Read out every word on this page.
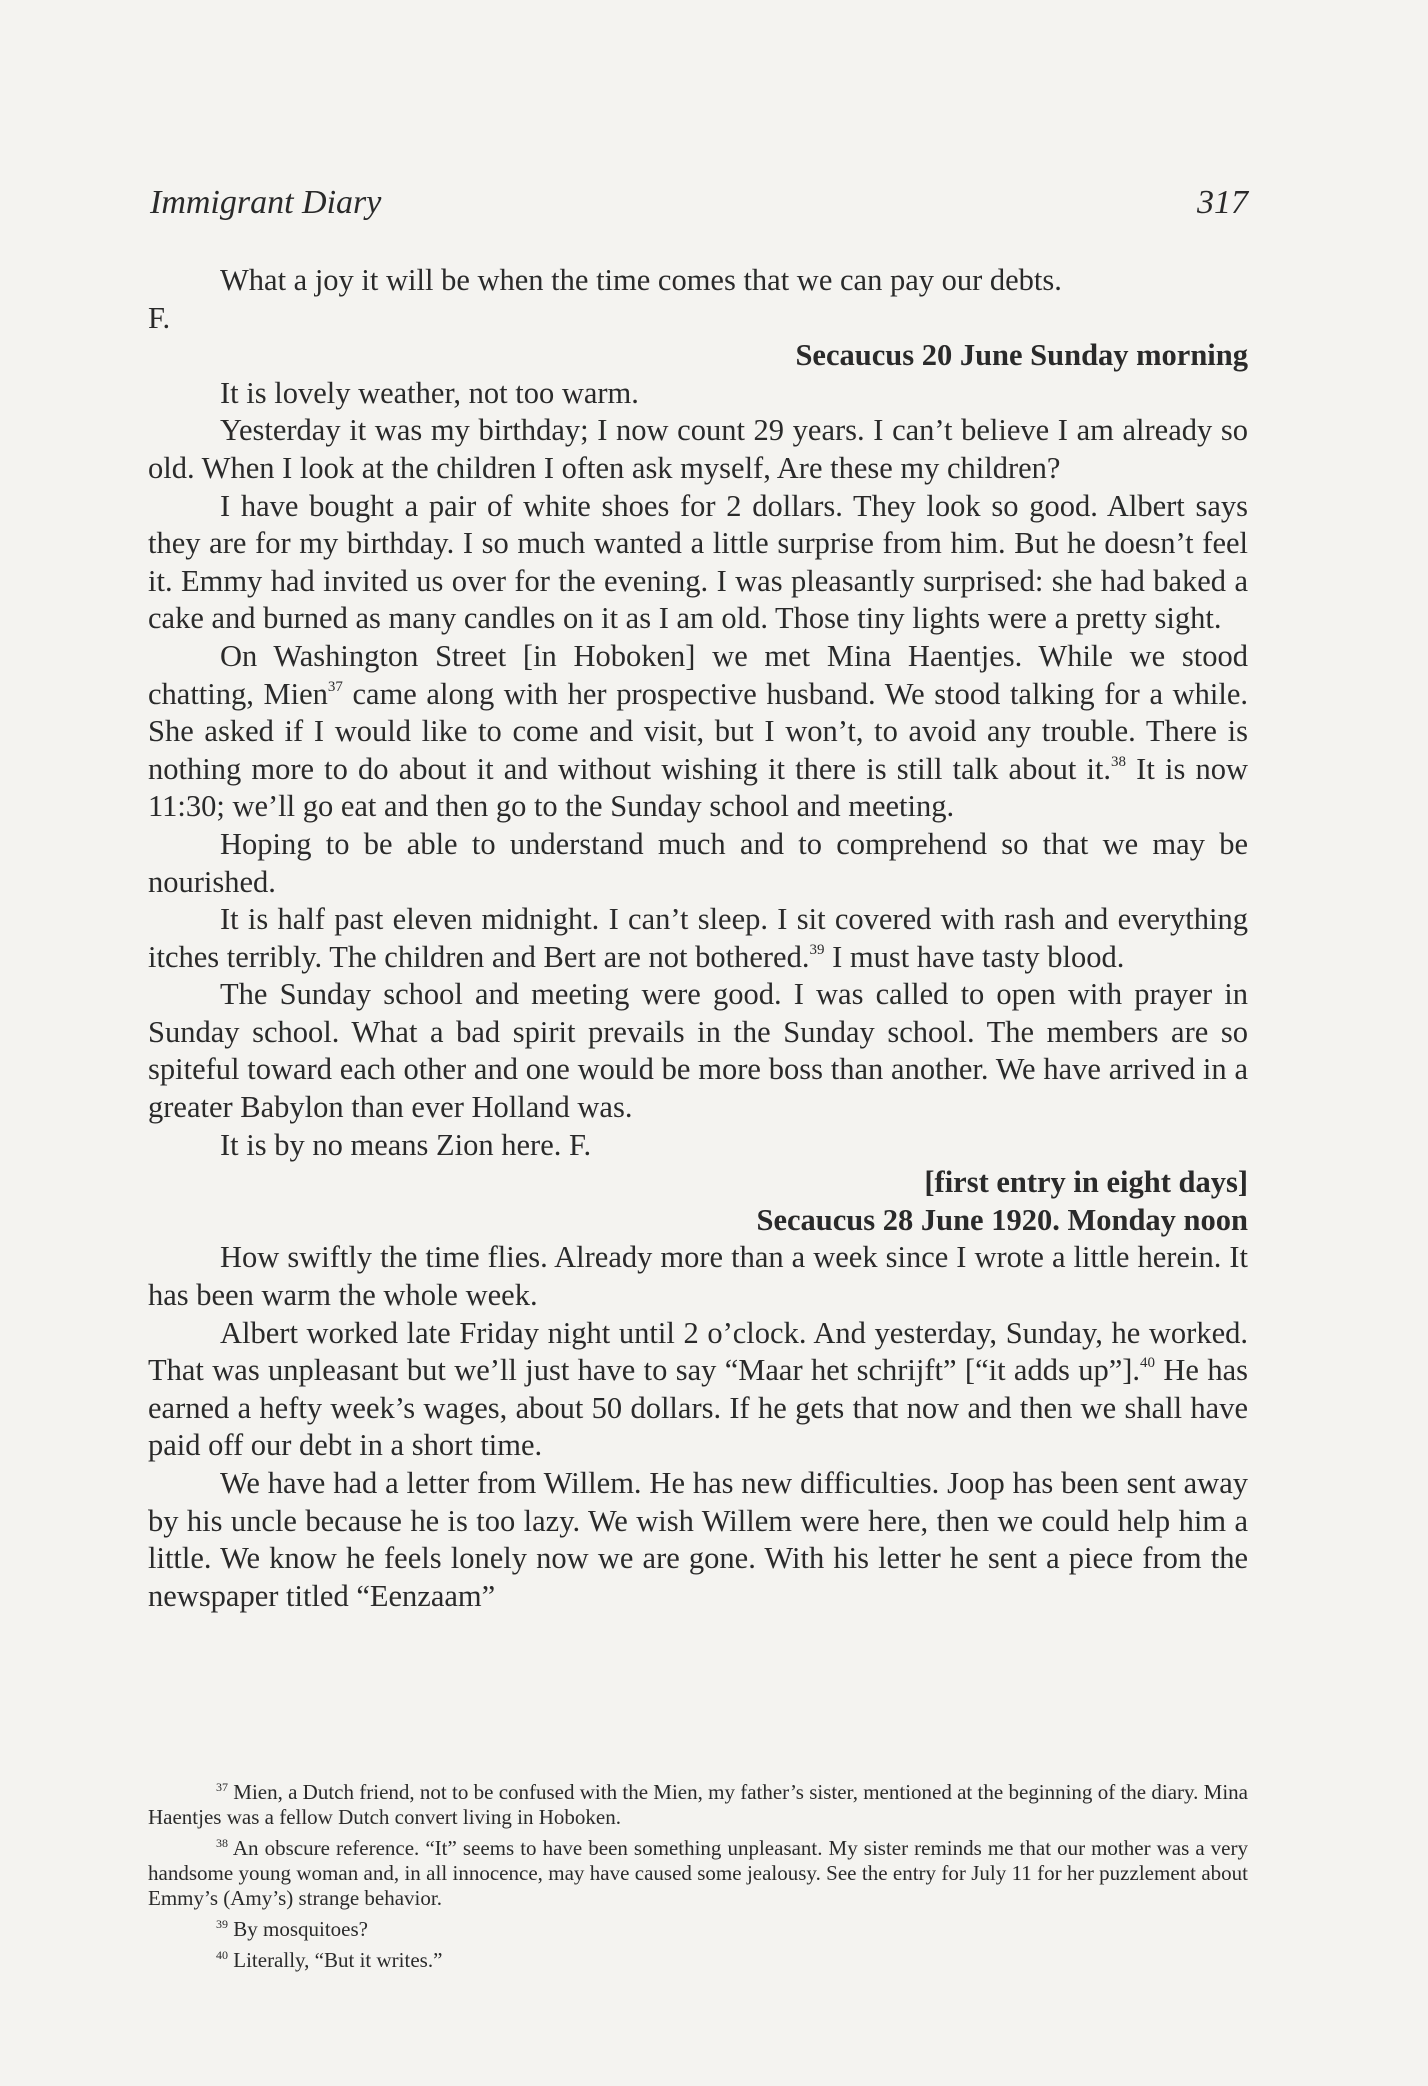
Immigrant Diary	317

What a joy it will be when the time comes that we can pay our debts.

F.

Secaucus 20 June Sunday morning

It is lovely weather, not too warm.

Yesterday it was my birthday; I now count 29 years. I can’t believe I am already so old. When I look at the children I often ask myself, Are these my children?

I have bought a pair of white shoes for 2 dollars. They look so good. Albert says they are for my birthday. I so much wanted a little surprise from him. But he doesn’t feel it. Emmy had invited us over for the evening. I was pleasantly surprised: she had baked a cake and burned as many candles on it as I am old. Those tiny lights were a pretty sight.

On Washington Street [in Hoboken] we met Mina Haentjes. While we stood chatting, Mien$^{37}$ came along with her prospective husband. We stood talking for a while. She asked if I would like to come and visit, but I won’t, to avoid any trouble. There is nothing more to do about it and without wishing it there is still talk about it.$^{38}$ It is now 11:30; we’ll go eat and then go to the Sunday school and meeting.

Hoping to be able to understand much and to comprehend so that we may be nourished.

It is half past eleven midnight. I can’t sleep. I sit covered with rash and everything itches terribly. The children and Bert are not bothered.$^{39}$ I must have tasty blood.

The Sunday school and meeting were good. I was called to open with prayer in Sunday school. What a bad spirit prevails in the Sunday school. The members are so spiteful toward each other and one would be more boss than another. We have arrived in a greater Babylon than ever Holland was.

It is by no means Zion here. F.

[first entry in eight days]

Secaucus 28 June 1920. Monday noon

How swiftly the time flies. Already more than a week since I wrote a little herein. It has been warm the whole week.

Albert worked late Friday night until 2 o’clock. And yesterday, Sunday, he worked. That was unpleasant but we’ll just have to say “Maar het schrijft” [“it adds up”].$^{40}$ He has earned a hefty week’s wages, about 50 dollars. If he gets that now and then we shall have paid off our debt in a short time.

We have had a letter from Willem. He has new difficulties. Joop has been sent away by his uncle because he is too lazy. We wish Willem were here, then we could help him a little. We know he feels lonely now we are gone. With his letter he sent a piece from the newspaper titled “Eenzaam”

$^{37}$ Mien, a Dutch friend, not to be confused with the Mien, my father’s sister, mentioned at the beginning of the diary. Mina Haentjes was a fellow Dutch convert living in Hoboken.

$^{38}$ An obscure reference. “It” seems to have been something unpleasant. My sister reminds me that our mother was a very handsome young woman and, in all innocence, may have caused some jealousy. See the entry for July 11 for her puzzlement about Emmy’s (Amy’s) strange behavior.

$^{39}$ By mosquitoes?

$^{40}$ Literally, “But it writes.”
